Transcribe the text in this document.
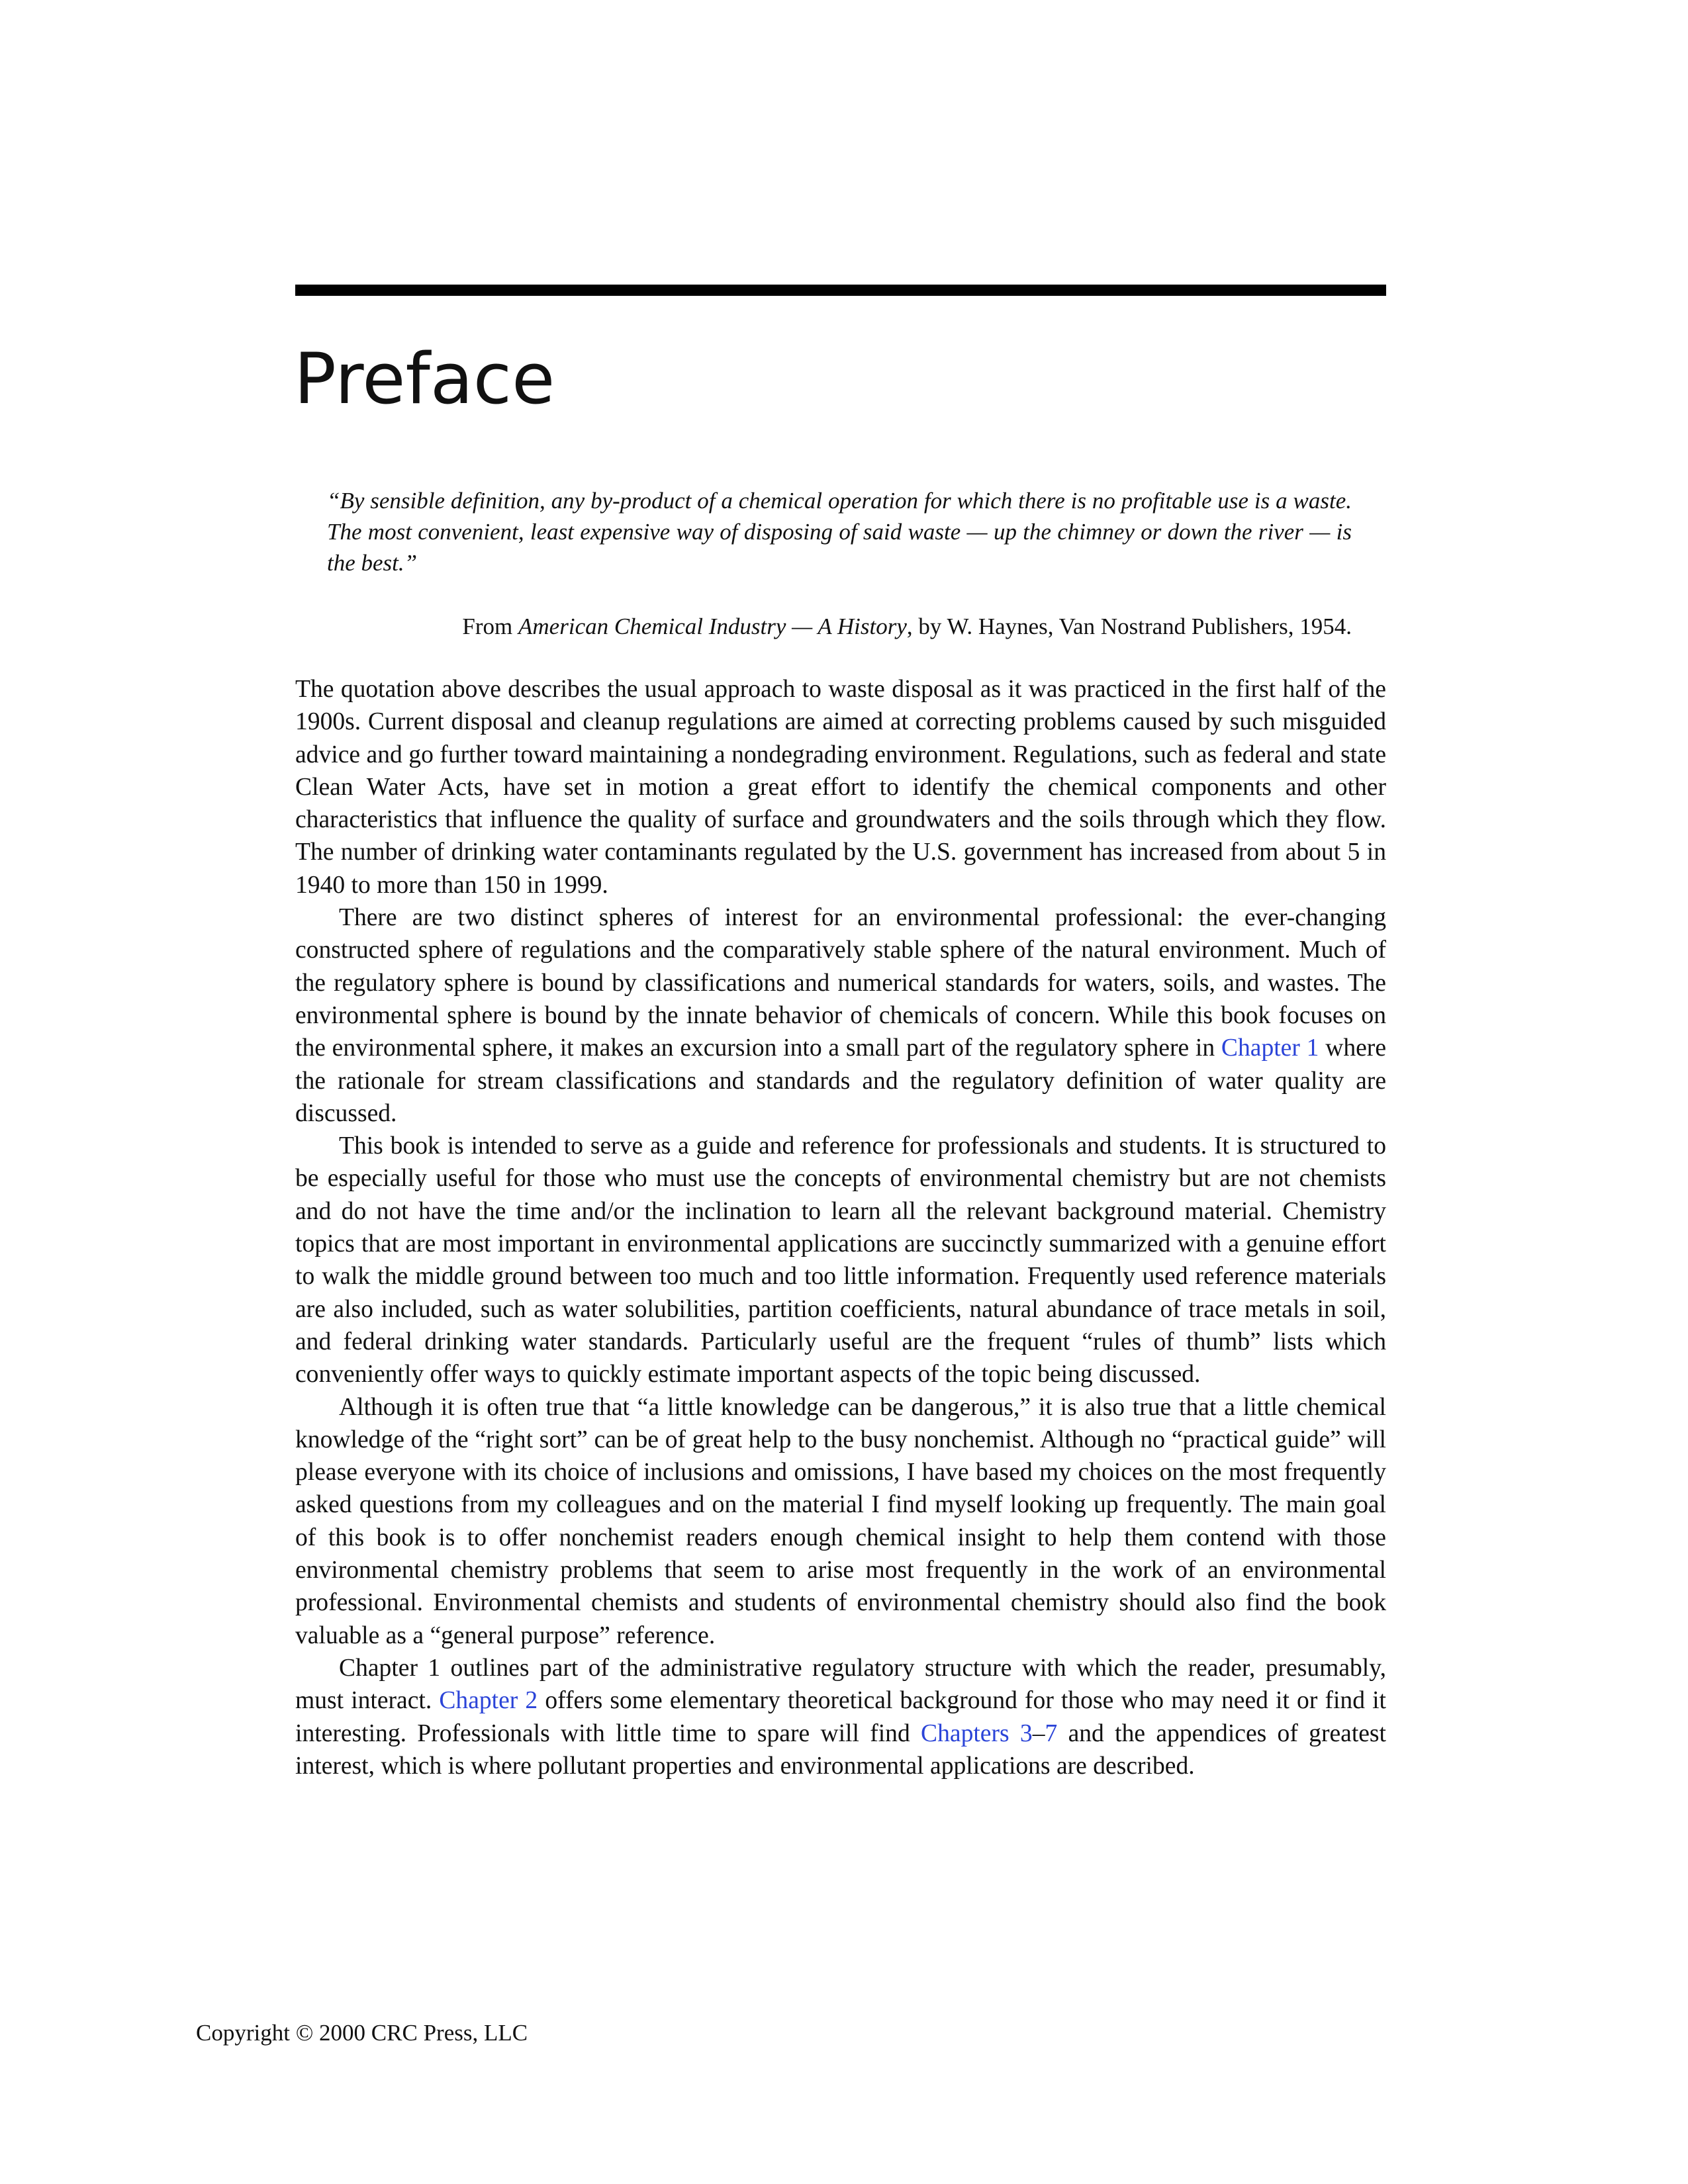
Preface

“By sensible definition, any by-product of a chemical operation for which there is no profitable use is a waste. The most convenient, least expensive way of disposing of said waste — up the chimney or down the river — is the best.”

From American Chemical Industry — A History, by W. Haynes, Van Nostrand Publishers, 1954.

The quotation above describes the usual approach to waste disposal as it was practiced in the first half of the 1900s. Current disposal and cleanup regulations are aimed at correcting problems caused by such misguided advice and go further toward maintaining a nondegrading environment. Regulations, such as federal and state Clean Water Acts, have set in motion a great effort to identify the chemical components and other characteristics that influence the quality of surface and groundwaters and the soils through which they flow. The number of drinking water contaminants regulated by the U.S. government has increased from about 5 in 1940 to more than 150 in 1999.

There are two distinct spheres of interest for an environmental professional: the ever-changing constructed sphere of regulations and the comparatively stable sphere of the natural environment. Much of the regulatory sphere is bound by classifications and numerical standards for waters, soils, and wastes. The environmental sphere is bound by the innate behavior of chemicals of concern. While this book focuses on the environmental sphere, it makes an excursion into a small part of the regulatory sphere in Chapter 1 where the rationale for stream classifications and standards and the regulatory definition of water quality are discussed.

This book is intended to serve as a guide and reference for professionals and students. It is structured to be especially useful for those who must use the concepts of environmental chemistry but are not chemists and do not have the time and/or the inclination to learn all the relevant background material. Chemistry topics that are most important in environmental applications are succinctly summarized with a genuine effort to walk the middle ground between too much and too little information. Frequently used reference materials are also included, such as water solubilities, partition coefficients, natural abundance of trace metals in soil, and federal drinking water standards. Particularly useful are the frequent “rules of thumb” lists which conveniently offer ways to quickly estimate important aspects of the topic being discussed.

Although it is often true that “a little knowledge can be dangerous,” it is also true that a little chemical knowledge of the “right sort” can be of great help to the busy nonchemist. Although no “practical guide” will please everyone with its choice of inclusions and omissions, I have based my choices on the most frequently asked questions from my colleagues and on the material I find myself looking up frequently. The main goal of this book is to offer nonchemist readers enough chemical insight to help them contend with those environmental chemistry problems that seem to arise most frequently in the work of an environmental professional. Environmental chemists and students of environmental chemistry should also find the book valuable as a “general purpose” reference.

Chapter 1 outlines part of the administrative regulatory structure with which the reader, presumably, must interact. Chapter 2 offers some elementary theoretical background for those who may need it or find it interesting. Professionals with little time to spare will find Chapters 3–7 and the appendices of greatest interest, which is where pollutant properties and environmental applications are described.

Copyright © 2000 CRC Press, LLC
